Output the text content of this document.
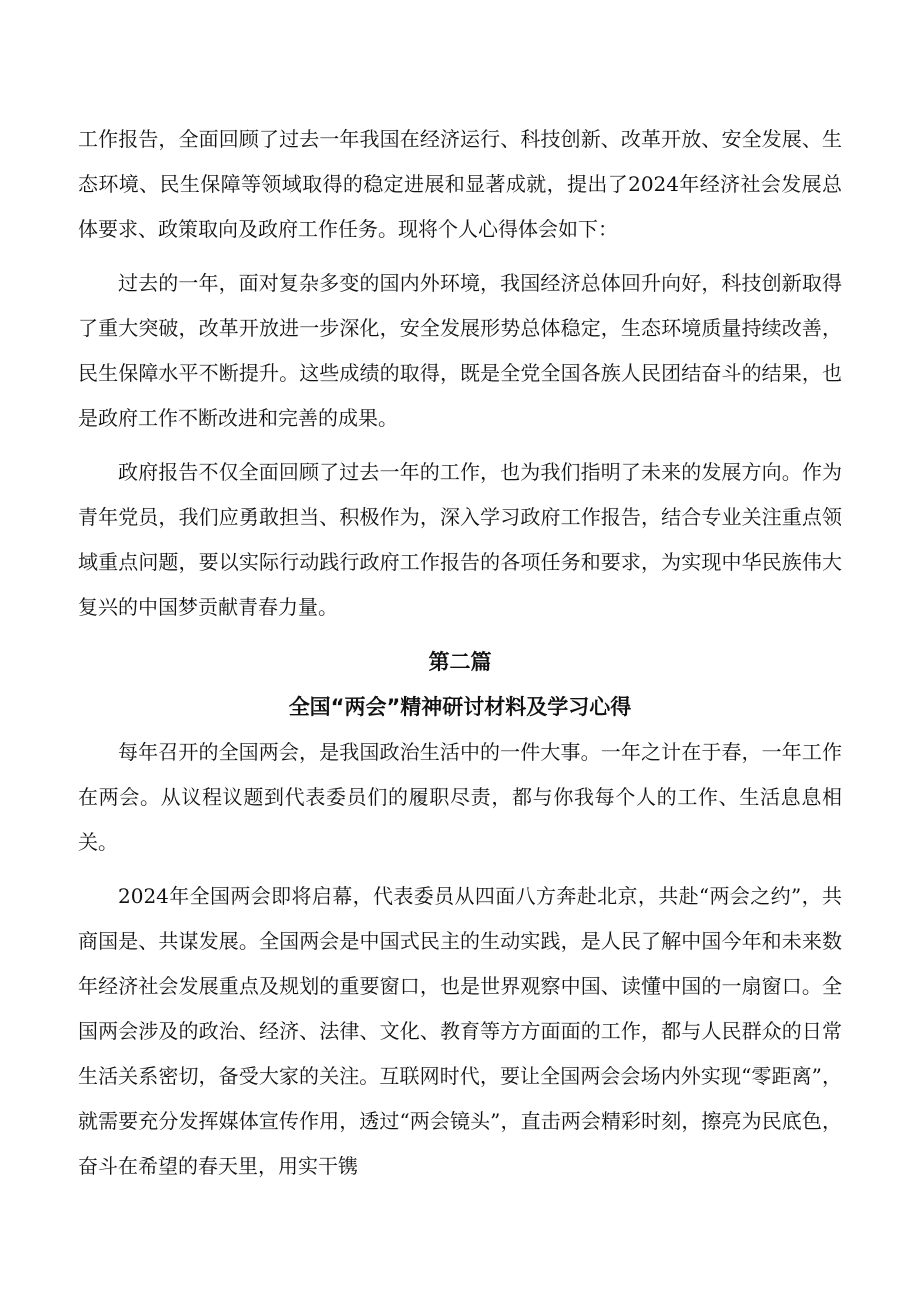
工作报告，全面回顾了过去一年我国在经济运行、科技创新、改革开放、安全发展、生态环境、民生保障等领域取得的稳定进展和显著成就，提出了2024年经济社会发展总体要求、政策取向及政府工作任务。现将个人心得体会如下：

过去的一年，面对复杂多变的国内外环境，我国经济总体回升向好，科技创新取得了重大突破，改革开放进一步深化，安全发展形势总体稳定，生态环境质量持续改善，民生保障水平不断提升。这些成绩的取得，既是全党全国各族人民团结奋斗的结果，也是政府工作不断改进和完善的成果。

政府报告不仅全面回顾了过去一年的工作，也为我们指明了未来的发展方向。作为青年党员，我们应勇敢担当、积极作为，深入学习政府工作报告，结合专业关注重点领域重点问题，要以实际行动践行政府工作报告的各项任务和要求，为实现中华民族伟大复兴的中国梦贡献青春力量。

第二篇
全国“两会”精神研讨材料及学习心得

每年召开的全国两会，是我国政治生活中的一件大事。一年之计在于春，一年工作在两会。从议程议题到代表委员们的履职尽责，都与你我每个人的工作、生活息息相关。

2024年全国两会即将启幕，代表委员从四面八方奔赴北京，共赴“两会之约”，共商国是、共谋发展。全国两会是中国式民主的生动实践，是人民了解中国今年和未来数年经济社会发展重点及规划的重要窗口，也是世界观察中国、读懂中国的一扇窗口。全国两会涉及的政治、经济、法律、文化、教育等方方面面的工作，都与人民群众的日常生活关系密切，备受大家的关注。互联网时代，要让全国两会会场内外实现“零距离”，就需要充分发挥媒体宣传作用，透过“两会镜头”，直击两会精彩时刻，擦亮为民底色，奋斗在希望的春天里，用实干镌
